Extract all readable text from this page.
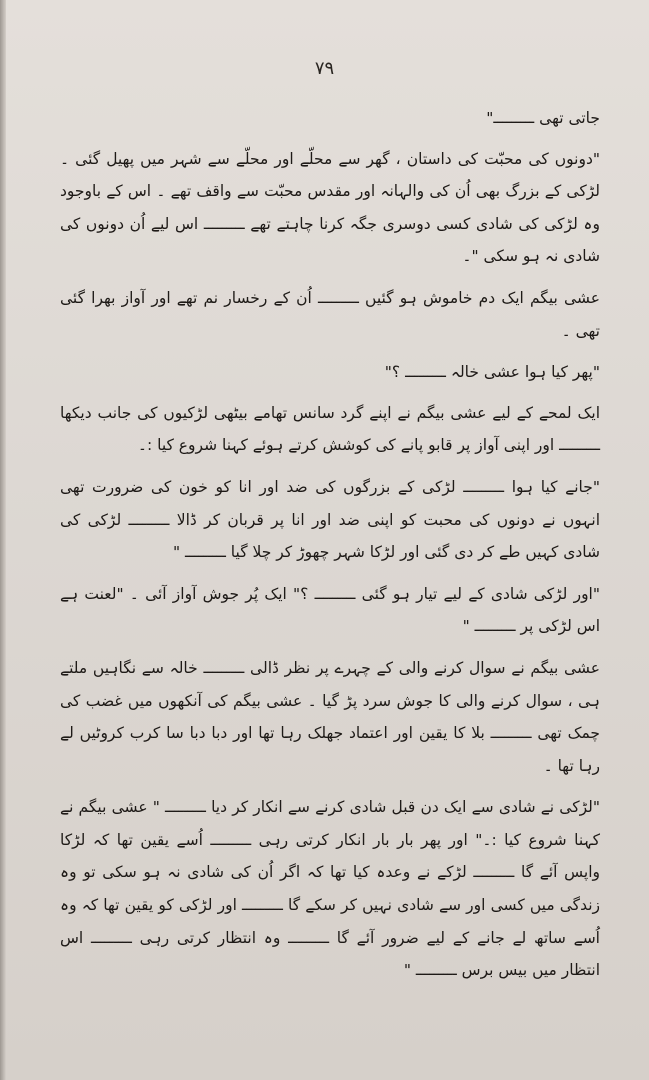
۷۹

جاتی تھی ـــــــــ"

"دونوں کی محبّت کی داستان ، گھر سے محلّے اور محلّے سے شہر میں پھیل گئی ۔ لڑکی کے بزرگ بھی اُن کی والہانہ اور مقدس محبّت سے واقف تھے ۔ اس کے باوجود وہ لڑکی کی شادی کسی دوسری جگہ کرنا چاہتے تھے ـــــــــ اس لیے اُن دونوں کی شادی نہ ہو سکی "۔

عشی بیگم ایک دم خاموش ہو گئیں ـــــــــ اُن کے رخسار نم تھے اور آواز بھرا گئی تھی ۔

"پھر کیا ہوا عشی خالہ ـــــــــ ؟"

ایک لمحے کے لیے عشی بیگم نے اپنے گرد سانس تھامے بیٹھی لڑکیوں کی جانب دیکھا ـــــــــ اور اپنی آواز پر قابو پانے کی کوشش کرتے ہوئے کہنا شروع کیا :۔

"جانے کیا ہوا ـــــــــ لڑکی کے بزرگوں کی ضد اور انا کو خون کی ضرورت تھی انہوں نے دونوں کی محبت کو اپنی ضد اور انا پر قربان کر ڈالا ـــــــــ لڑکی کی شادی کہیں طے کر دی گئی اور لڑکا شہر چھوڑ کر چلا گیا ـــــــــ "

"اور لڑکی شادی کے لیے تیار ہو گئی ـــــــــ ؟" ایک پُر جوش آواز آئی ۔ "لعنت ہے اس لڑکی پر ـــــــــ "

عشی بیگم نے سوال کرنے والی کے چہرے پر نظر ڈالی ـــــــــ خالہ سے نگاہیں ملتے ہی ، سوال کرنے والی کا جوش سرد پڑ گیا ۔ عشی بیگم کی آنکھوں میں غضب کی چمک تھی ـــــــــ بلا کا یقین اور اعتماد جھلک رہا تھا اور دبا دبا سا کرب کروٹیں لے رہا تھا ۔

"لڑکی نے شادی سے ایک دن قبل شادی کرنے سے انکار کر دیا ـــــــــ " عشی بیگم نے کہنا شروع کیا :۔" اور پھر بار بار انکار کرتی رہی ـــــــــ اُسے یقین تھا کہ لڑکا واپس آئے گا ـــــــــ لڑکے نے وعدہ کیا تھا کہ اگر اُن کی شادی نہ ہو سکی تو وہ زندگی میں کسی اور سے شادی نہیں کر سکے گا ـــــــــ اور لڑکی کو یقین تھا کہ وہ اُسے ساتھ لے جانے کے لیے ضرور آئے گا ـــــــــ وہ انتظار کرتی رہی ـــــــــ اس انتظار میں بیس برس ـــــــــ "
